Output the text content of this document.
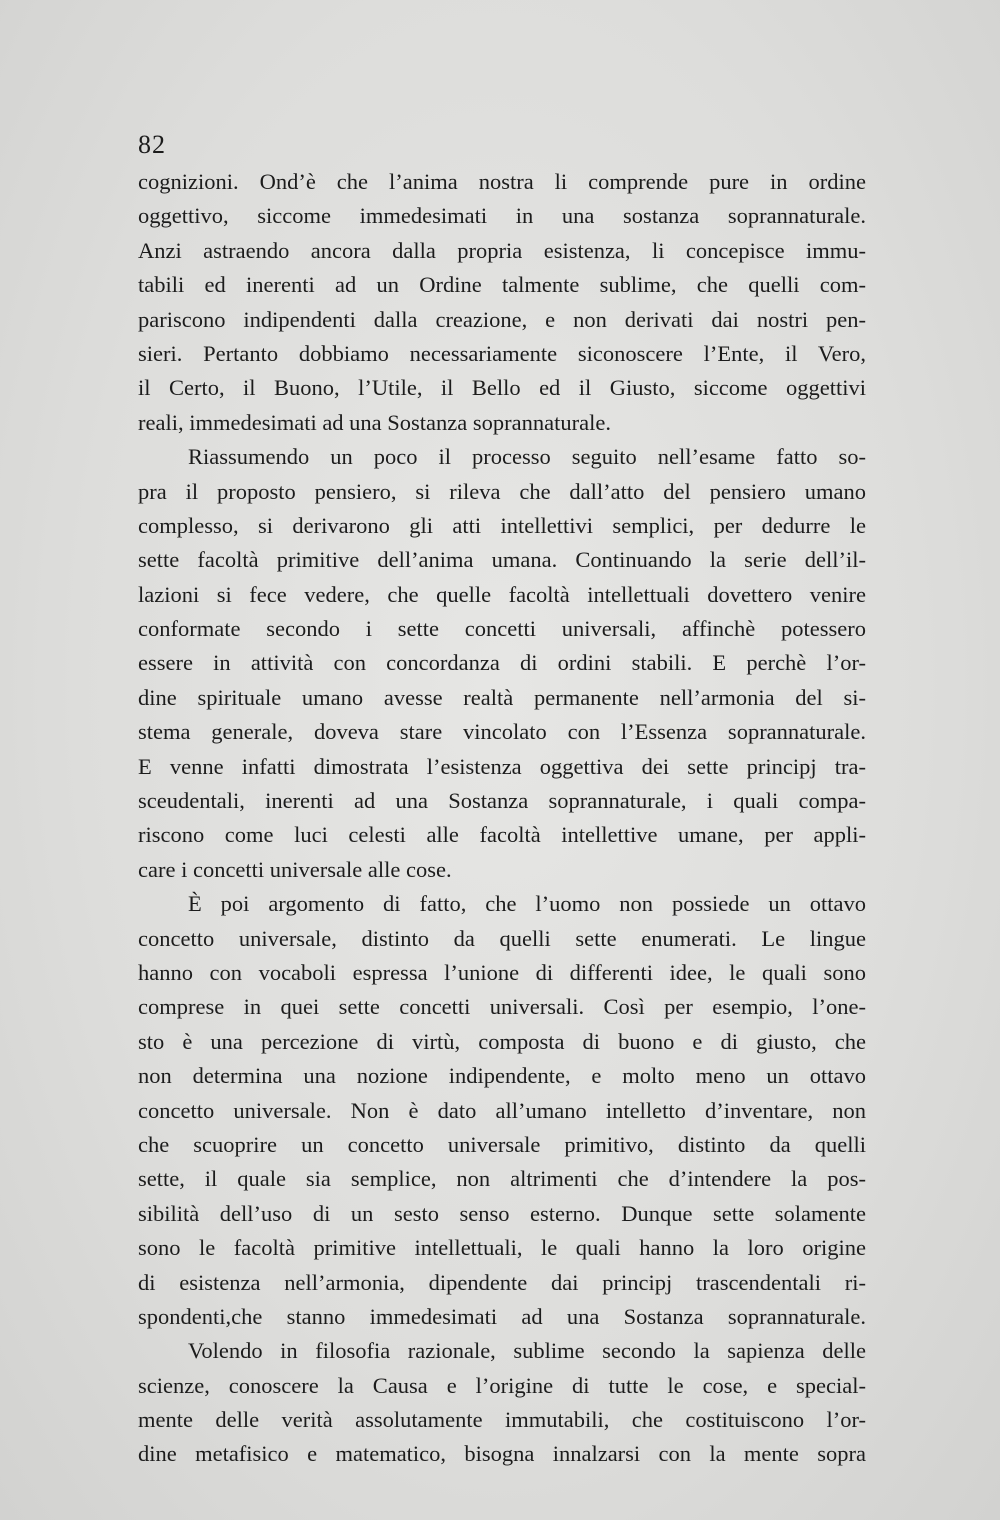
82
cognizioni. Ond’è che l’anima nostra li comprende pure in ordine
oggettivo, siccome immedesimati in una sostanza soprannaturale.
Anzi astraendo ancora dalla propria esistenza, li concepisce immu-
tabili ed inerenti ad un Ordine talmente sublime, che quelli com-
pariscono indipendenti dalla creazione, e non derivati dai nostri pen-
sieri. Pertanto dobbiamo necessariamente siconoscere l’Ente, il Vero,
il Certo, il Buono, l’Utile, il Bello ed il Giusto, siccome oggettivi
reali, immedesimati ad una Sostanza soprannaturale.
Riassumendo un poco il processo seguito nell’esame fatto so-
pra il proposto pensiero, si rileva che dall’atto del pensiero umano
complesso, si derivarono gli atti intellettivi semplici, per dedurre le
sette facoltà primitive dell’anima umana. Continuando la serie dell’il-
lazioni si fece vedere, che quelle facoltà intellettuali dovettero venire
conformate secondo i sette concetti universali, affinchè potessero
essere in attività con concordanza di ordini stabili. E perchè l’or-
dine spirituale umano avesse realtà permanente nell’armonia del si-
stema generale, doveva stare vincolato con l’Essenza soprannaturale.
E venne infatti dimostrata l’esistenza oggettiva dei sette principj tra-
sceudentali, inerenti ad una Sostanza soprannaturale, i quali compa-
riscono come luci celesti alle facoltà intellettive umane, per appli-
care i concetti universale alle cose.
È poi argomento di fatto, che l’uomo non possiede un ottavo
concetto universale, distinto da quelli sette enumerati. Le lingue
hanno con vocaboli espressa l’unione di differenti idee, le quali sono
comprese in quei sette concetti universali. Così per esempio, l’one-
sto è una percezione di virtù, composta di buono e di giusto, che
non determina una nozione indipendente, e molto meno un ottavo
concetto universale. Non è dato all’umano intelletto d’inventare, non
che scuoprire un concetto universale primitivo, distinto da quelli
sette, il quale sia semplice, non altrimenti che d’intendere la pos-
sibilità dell’uso di un sesto senso esterno. Dunque sette solamente
sono le facoltà primitive intellettuali, le quali hanno la loro origine
di esistenza nell’armonia, dipendente dai principj trascendentali ri-
spondenti,che stanno immedesimati ad una Sostanza soprannaturale.
Volendo in filosofia razionale, sublime secondo la sapienza delle
scienze, conoscere la Causa e l’origine di tutte le cose, e special-
mente delle verità assolutamente immutabili, che costituiscono l’or-
dine metafisico e matematico, bisogna innalzarsi con la mente sopra
